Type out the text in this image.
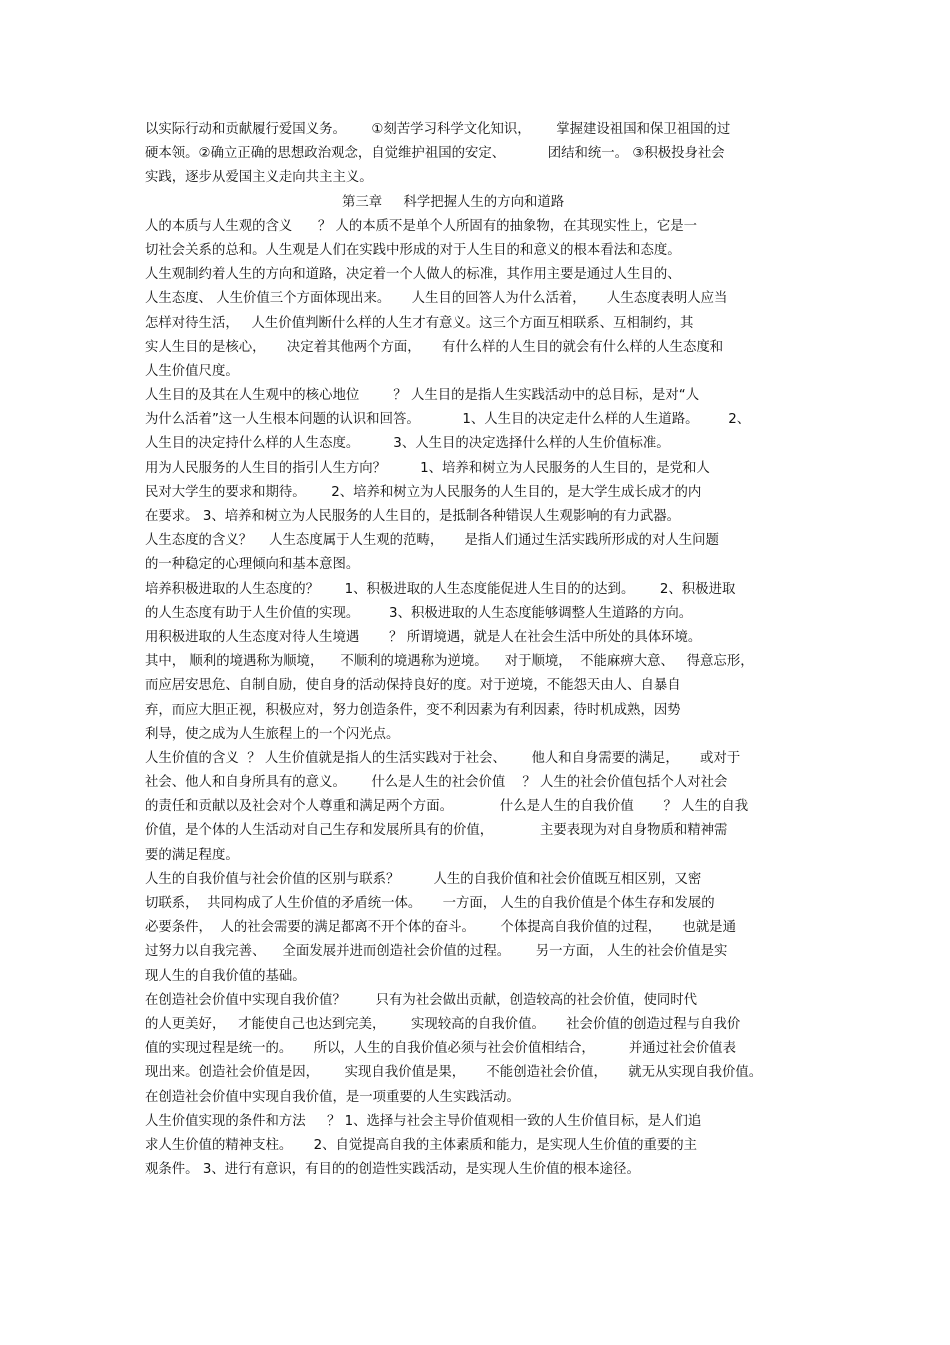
以实际行动和贡献履行爱国义务。      ①刻苦学习科学文化知识，      掌握建设祖国和保卫祖国的过
硬本领。②确立正确的思想政治观念，自觉维护祖国的安定、          团结和统一。 ③积极投身社会
实践，逐步从爱国主义走向共主主义。
第三章     科学把握人生的方向和道路
人的本质与人生观的含义      ？ 人的本质不是单个人所固有的抽象物，在其现实性上，它是一
切社会关系的总和。人生观是人们在实践中形成的对于人生目的和意义的根本看法和态度。
人生观制约着人生的方向和道路，决定着一个人做人的标准，其作用主要是通过人生目的、
人生态度、 人生价值三个方面体现出来。     人生目的回答人为什么活着，     人生态度表明人应当
怎样对待生活，   人生价值判断什么样的人生才有意义。这三个方面互相联系、互相制约，其
实人生目的是核心，     决定着其他两个方面，     有什么样的人生目的就会有什么样的人生态度和
人生价值尺度。
人生目的及其在人生观中的核心地位        ？ 人生目的是指人生实践活动中的总目标，是对“人
为什么活着”这一人生根本问题的认识和回答。          1、人生目的决定走什么样的人生道路。       2、
人生目的决定持什么样的人生态度。        3、人生目的决定选择什么样的人生价值标准。
用为人民服务的人生目的指引人生方向？        1、培养和树立为人民服务的人生目的，是党和人
民对大学生的要求和期待。      2、培养和树立为人民服务的人生目的，是大学生成长成才的内
在要求。 3、培养和树立为人民服务的人生目的，是抵制各种错误人生观影响的有力武器。
人生态度的含义？    人生态度属于人生观的范畴，     是指人们通过生活实践所形成的对人生问题
的一种稳定的心理倾向和基本意图。
培养积极进取的人生态度的？      1、积极进取的人生态度能促进人生目的的达到。      2、积极进取
的人生态度有助于人生价值的实现。       3、积极进取的人生态度能够调整人生道路的方向。
用积极进取的人生态度对待人生境遇       ？ 所谓境遇，就是人在社会生活中所处的具体环境。
其中， 顺利的境遇称为顺境，    不顺利的境遇称为逆境。    对于顺境，  不能麻痹大意、   得意忘形，
而应居安思危、自制自励，使自身的活动保持良好的度。对于逆境，不能怨天由人、自暴自
弃，而应大胆正视，积极应对，努力创造条件，变不利因素为有利因素，待时机成熟，因势
利导，使之成为人生旅程上的一个闪光点。
人生价值的含义  ？ 人生价值就是指人的生活实践对于社会、      他人和自身需要的满足，     或对于
社会、他人和自身所具有的意义。      什么是人生的社会价值    ？ 人生的社会价值包括个人对社会
的责任和贡献以及社会对个人尊重和满足两个方面。           什么是人生的自我价值       ？ 人生的自我
价值，是个体的人生活动对自己生存和发展所具有的价值，           主要表现为对自身物质和精神需
要的满足程度。
人生的自我价值与社会价值的区别与联系？        人生的自我价值和社会价值既互相区别，又密
切联系，  共同构成了人生价值的矛盾统一体。     一方面， 人生的自我价值是个体生存和发展的
必要条件，  人的社会需要的满足都离不开个体的奋斗。      个体提高自我价值的过程，     也就是通
过努力以自我完善、    全面发展并进而创造社会价值的过程。      另一方面， 人生的社会价值是实
现人生的自我价值的基础。
在创造社会价值中实现自我价值？       只有为社会做出贡献，创造较高的社会价值，使同时代
的人更美好，   才能使自己也达到完美，      实现较高的自我价值。     社会价值的创造过程与自我价
值的实现过程是统一的。     所以，人生的自我价值必须与社会价值相结合，        并通过社会价值表
现出来。创造社会价值是因，      实现自我价值是果，     不能创造社会价值，     就无从实现自我价值。
在创造社会价值中实现自我价值，是一项重要的人生实践活动。
人生价值实现的条件和方法     ？ 1、选择与社会主导价值观相一致的人生价值目标，是人们追
求人生价值的精神支柱。     2、自觉提高自我的主体素质和能力，是实现人生价值的重要的主
观条件。 3、进行有意识，有目的的创造性实践活动，是实现人生价值的根本途径。
